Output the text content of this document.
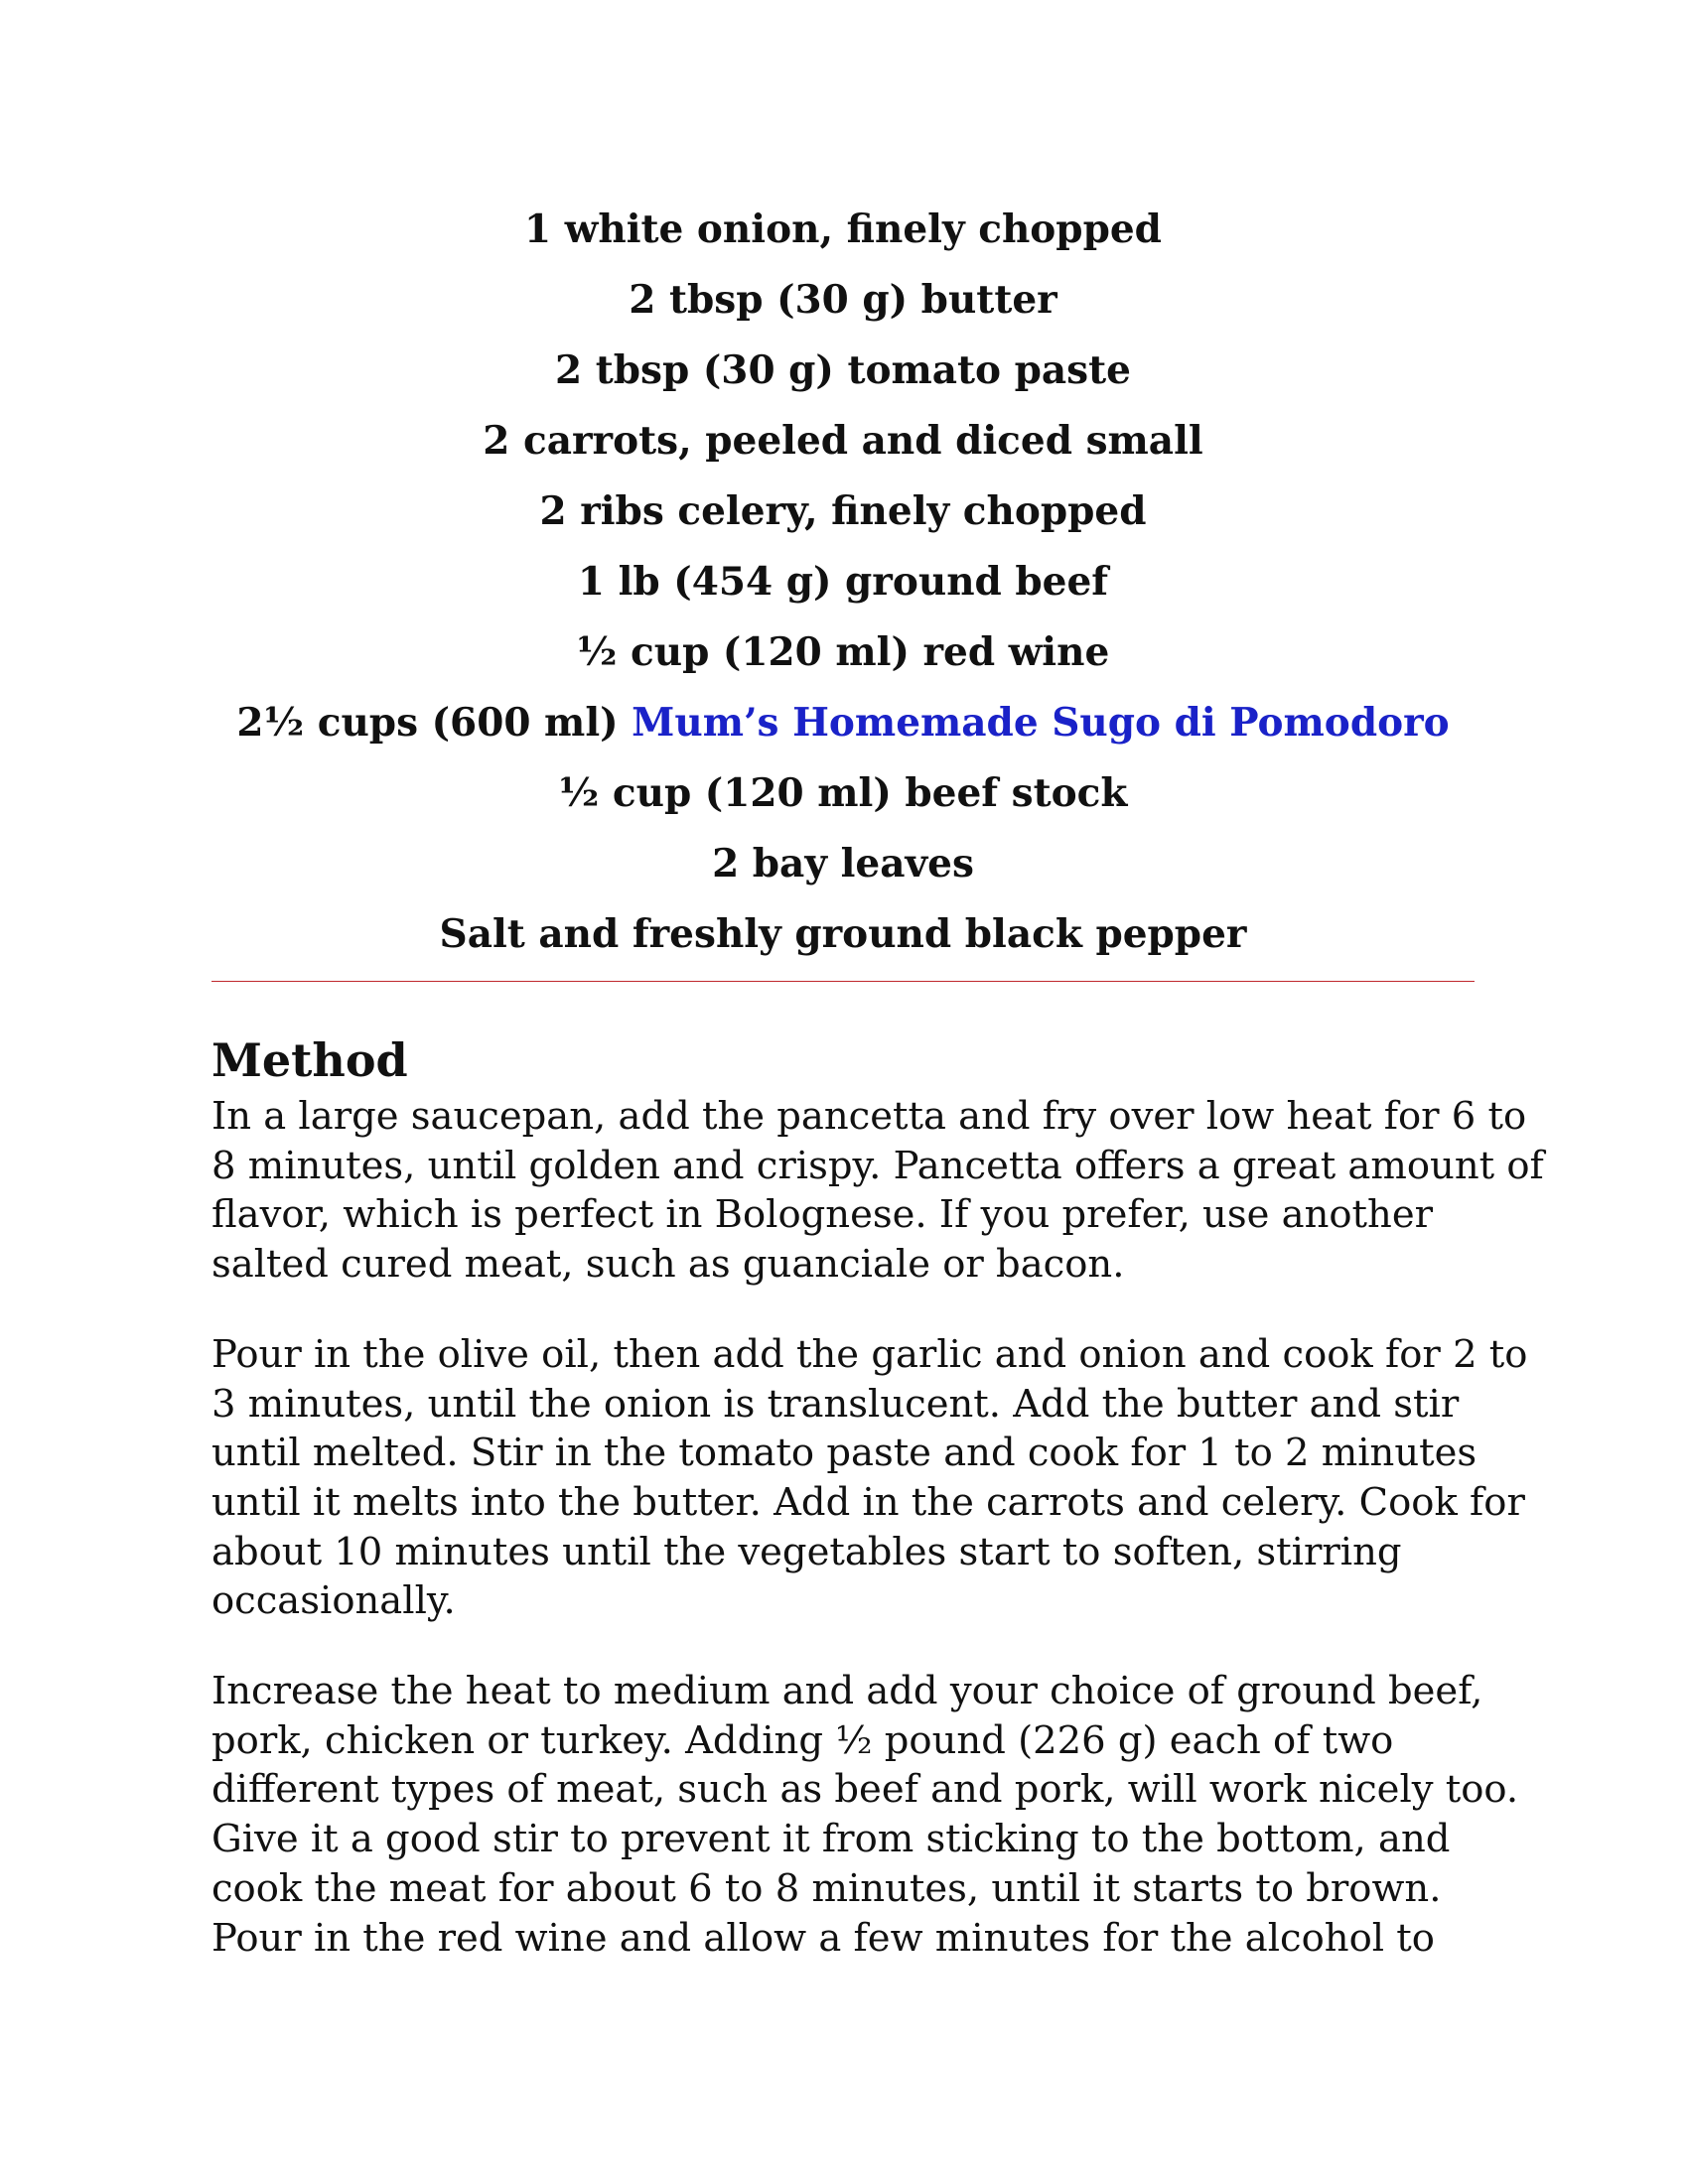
1 white onion, finely chopped
2 tbsp (30 g) butter
2 tbsp (30 g) tomato paste
2 carrots, peeled and diced small
2 ribs celery, finely chopped
1 lb (454 g) ground beef
½ cup (120 ml) red wine
2½ cups (600 ml) Mum’s Homemade Sugo di Pomodoro
½ cup (120 ml) beef stock
2 bay leaves
Salt and freshly ground black pepper
Method

In a large saucepan, add the pancetta and fry over low heat for 6 to
8 minutes, until golden and crispy. Pancetta offers a great amount of
flavor, which is perfect in Bolognese. If you prefer, use another
salted cured meat, such as guanciale or bacon.

Pour in the olive oil, then add the garlic and onion and cook for 2 to
3 minutes, until the onion is translucent. Add the butter and stir
until melted. Stir in the tomato paste and cook for 1 to 2 minutes
until it melts into the butter. Add in the carrots and celery. Cook for
about 10 minutes until the vegetables start to soften, stirring
occasionally.

Increase the heat to medium and add your choice of ground beef,
pork, chicken or turkey. Adding ½ pound (226 g) each of two
different types of meat, such as beef and pork, will work nicely too.
Give it a good stir to prevent it from sticking to the bottom, and
cook the meat for about 6 to 8 minutes, until it starts to brown.
Pour in the red wine and allow a few minutes for the alcohol to
